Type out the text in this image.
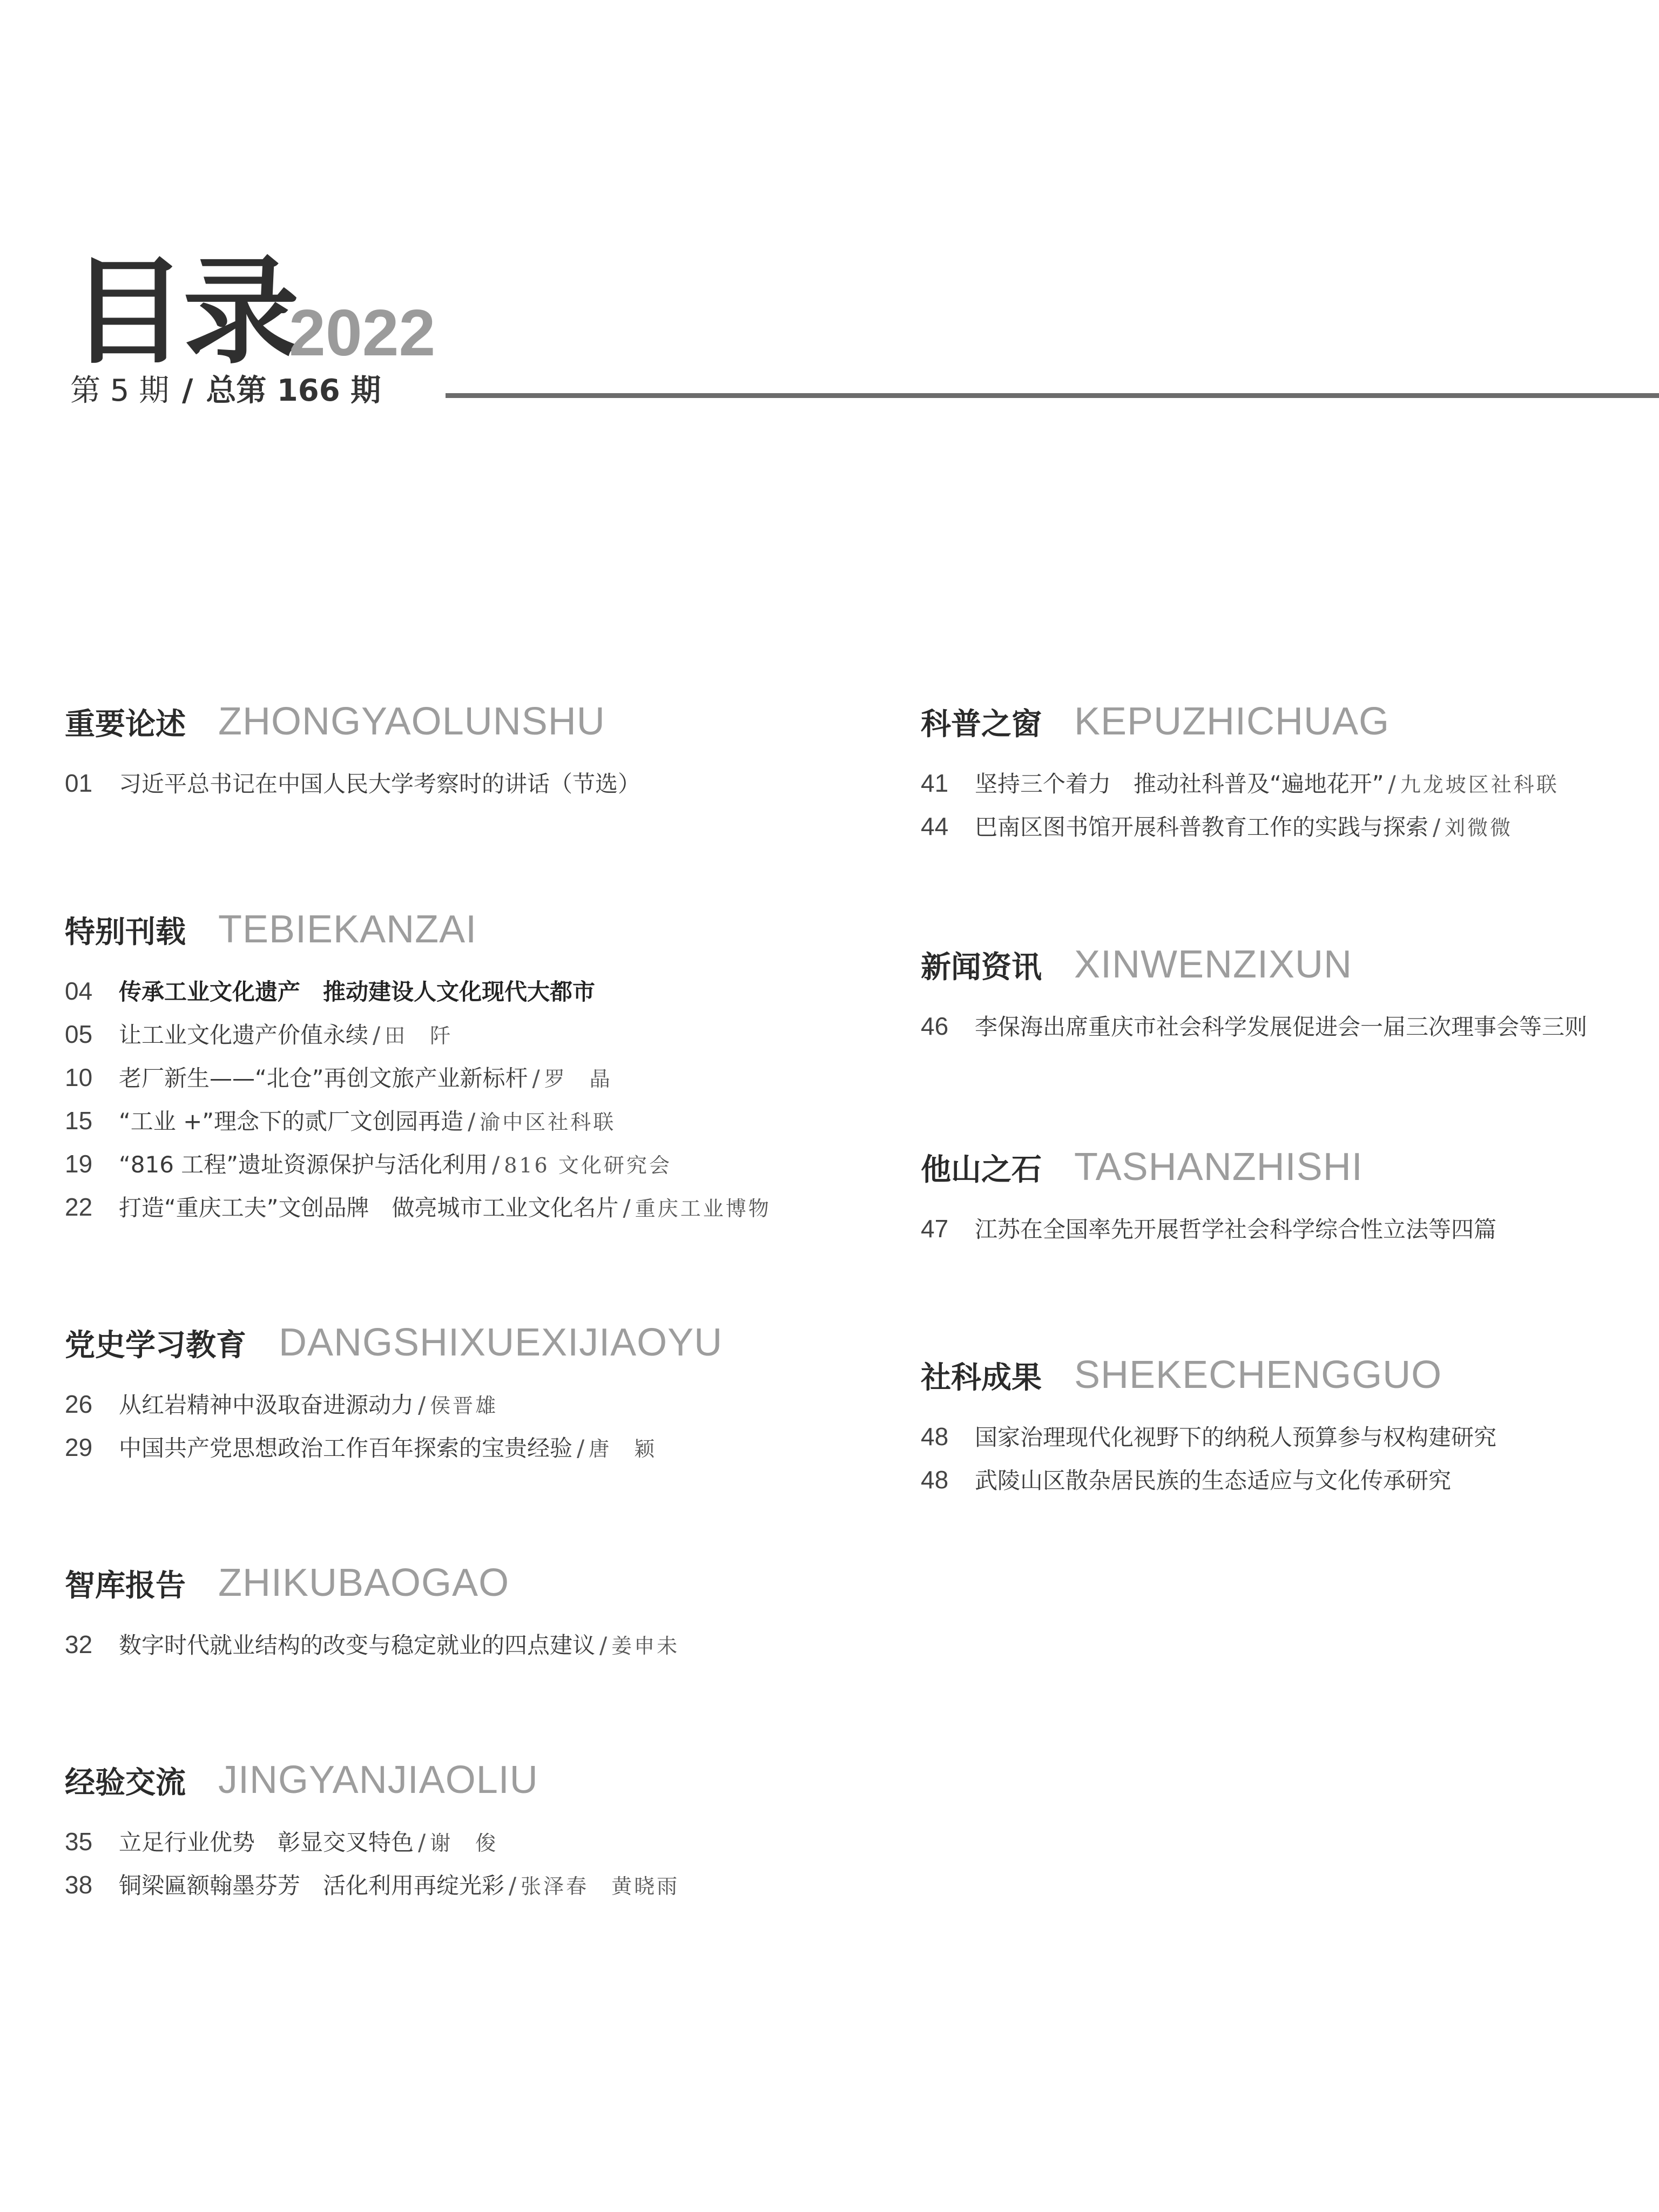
目录
2022
第 5 期 / 总第 166 期
重要论述 ZHONGYAOLUNSHU
01 习近平总书记在中国人民大学考察时的讲话（节选）
特别刊载 TEBIEKANZAI
04 传承工业文化遗产　推动建设人文化现代大都市
05 让工业文化遗产价值永续 / 田　阡
10 老厂新生——“北仓”再创文旅产业新标杆 / 罗　晶
15 “工业 +”理念下的贰厂文创园再造 / 渝中区社科联
19 “816 工程”遗址资源保护与活化利用 / 816 文化研究会
22 打造“重庆工夫”文创品牌　做亮城市工业文化名片 / 重庆工业博物
党史学习教育 DANGSHIXUEXIJIAOYU
26 从红岩精神中汲取奋进源动力 / 侯晋雄
29 中国共产党思想政治工作百年探索的宝贵经验 / 唐　颖
智库报告 ZHIKUBAOGAO
32 数字时代就业结构的改变与稳定就业的四点建议 / 姜申未
经验交流 JINGYANJIAOLIU
35 立足行业优势　彰显交叉特色 / 谢　俊
38 铜梁匾额翰墨芬芳　活化利用再绽光彩 / 张泽春　黄晓雨
科普之窗 KEPUZHICHUAG
41 坚持三个着力　推动社科普及“遍地花开” / 九龙坡区社科联
44 巴南区图书馆开展科普教育工作的实践与探索 / 刘微微
新闻资讯 XINWENZIXUN
46 李保海出席重庆市社会科学发展促进会一届三次理事会等三则
他山之石 TASHANZHISHI
47 江苏在全国率先开展哲学社会科学综合性立法等四篇
社科成果 SHEKECHENGGUO
48 国家治理现代化视野下的纳税人预算参与权构建研究
48 武陵山区散杂居民族的生态适应与文化传承研究
